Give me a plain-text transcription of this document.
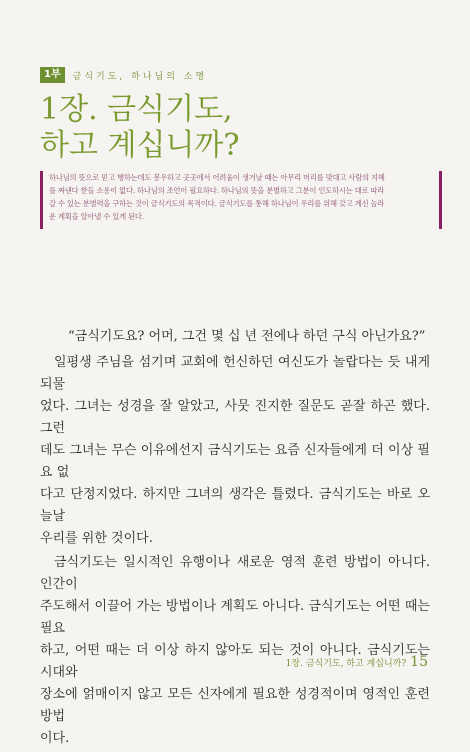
1부	금식기도, 하나님의 소명
1장. 금식기도,
하고 계십니까?
하나님의 뜻으로 믿고 행하는데도 봉우하고 곳곳에서 어려움이 생겨날 때는 아무리 머리를 맞대고 사람의 지혜
를 짜낸다 한들 소용이 없다. 하나님의 조언이 필요하다. 하나님의 뜻을 분별하고 그분이 인도하시는 대로 따라
갈 수 있는 분별력을 구하는 것이 금식기도의 목적이다. 금식기도를 통해 하나님이 우리를 위해 갖고 계신 놀라
운 계획을 알아낼 수 있게 된다.

“금식기도요? 어머, 그건 몇 십 년 전에나 하던 구식 아닌가요?”

일평생 주님을 섬기며 교회에 헌신하던 여신도가 놀랍다는 듯 내게 되물
었다. 그녀는 성경을 잘 알았고, 사뭇 진지한 질문도 곧잘 하곤 했다. 그런
데도 그녀는 무슨 이유에선지 금식기도는 요즘 신자들에게 더 이상 필요 없
다고 단정지었다. 하지만 그녀의 생각은 틀렸다. 금식기도는 바로 오늘날
우리를 위한 것이다.

금식기도는 일시적인 유행이나 새로운 영적 훈련 방법이 아니다. 인간이
주도해서 이끌어 가는 방법이나 계획도 아니다. 금식기도는 어떤 때는 필요
하고, 어떤 때는 더 이상 하지 않아도 되는 것이 아니다. 금식기도는 시대와
장소에 얽매이지 않고 모든 신자에게 필요한 성경적이며 영적인 훈련 방법
이다.

1장. 금식기도, 하고 계십니까? 15
